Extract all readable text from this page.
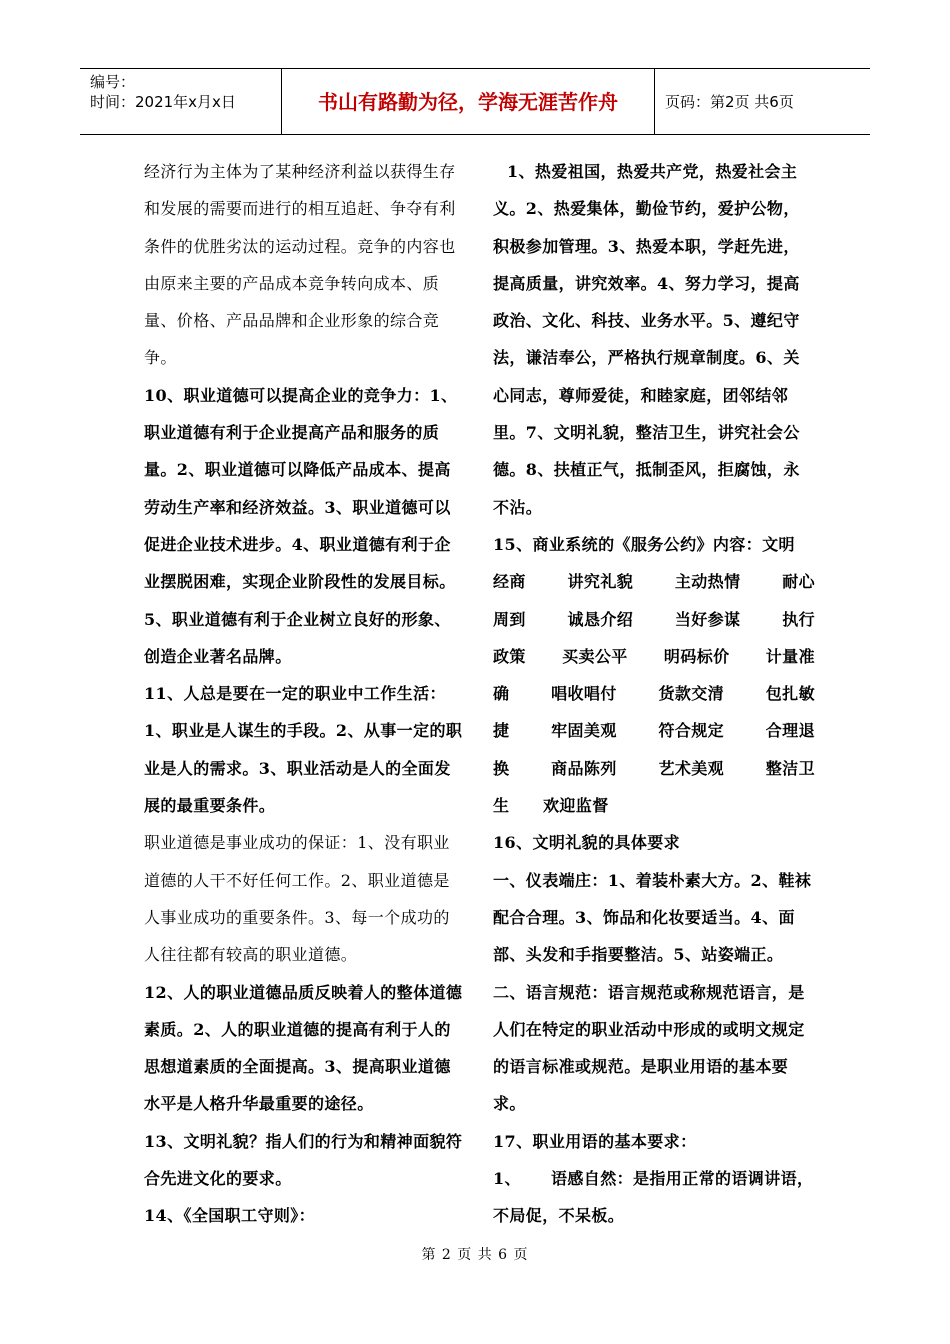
编号：
时间：2021年x月x日	书山有路勤为径，学海无涯苦作舟	页码：第2页 共6页

经济行为主体为了某种经济利益以获得生存和发展的需要而进行的相互追赶、争夺有利条件的优胜劣汰的运动过程。竞争的内容也由原来主要的产品成本竞争转向成本、质量、价格、产品品牌和企业形象的综合竞争。

10、职业道德可以提高企业的竞争力：1、职业道德有利于企业提高产品和服务的质量。2、职业道德可以降低产品成本、提高劳动生产率和经济效益。3、职业道德可以促进企业技术进步。4、职业道德有利于企业摆脱困难，实现企业阶段性的发展目标。5、职业道德有利于企业树立良好的形象、创造企业著名品牌。

11、人总是要在一定的职业中工作生活：1、职业是人谋生的手段。2、从事一定的职业是人的需求。3、职业活动是人的全面发展的最重要条件。

职业道德是事业成功的保证：1、没有职业道德的人干不好任何工作。2、职业道德是人事业成功的重要条件。3、每一个成功的人往往都有较高的职业道德。

12、人的职业道德品质反映着人的整体道德素质。2、人的职业道德的提高有利于人的思想道素质的全面提高。3、提高职业道德水平是人格升华最重要的途径。

13、文明礼貌？指人们的行为和精神面貌符合先进文化的要求。

14、《全国职工守则》：

1、热爱祖国，热爱共产党，热爱社会主义。2、热爱集体，勤俭节约，爱护公物，积极参加管理。3、热爱本职，学赶先进，提高质量，讲究效率。4、努力学习，提高政治、文化、科技、业务水平。5、遵纪守法，谦洁奉公，严格执行规章制度。6、关心同志，尊师爱徒，和睦家庭，团邻结邻里。7、文明礼貌，整洁卫生，讲究社会公德。8、扶植正气，抵制歪风，拒腐蚀，永不沾。

15、商业系统的《服务公约》内容：文明

经商	讲究礼貌	主动热情	耐心
周到	诚恳介绍	当好参谋	执行
政策 买卖公平 明码标价 计量准
确	唱收唱付	货款交清	包扎敏
捷	牢固美观	符合规定	合理退
换	商品陈列	艺术美观	整洁卫
生	欢迎监督

16、文明礼貌的具体要求

一、仪表端庄：1、着装朴素大方。2、鞋袜配合合理。3、饰品和化妆要适当。4、面部、头发和手指要整洁。5、站姿端正。

二、语言规范：语言规范或称规范语言，是人们在特定的职业活动中形成的或明文规定的语言标准或规范。是职业用语的基本要求。

17、职业用语的基本要求：

1、 语感自然：是指用正常的语调讲语，不局促，不呆板。

第 2 页 共 6 页
